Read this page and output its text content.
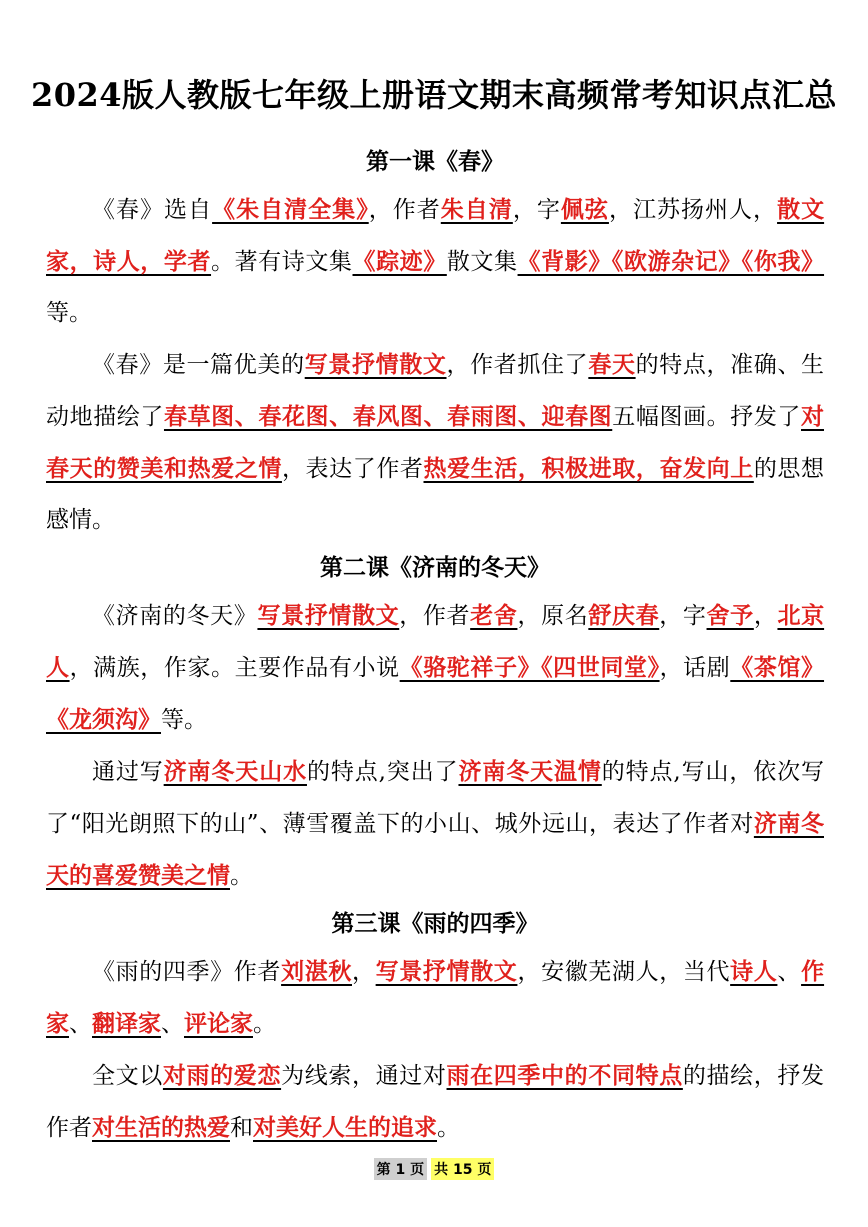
2024版人教版七年级上册语文期末高频常考知识点汇总
第一课《春》

《春》选自《朱自清全集》，作者朱自清，字佩弦，江苏扬州人，散文家，诗人，学者。著有诗文集《踪迹》散文集《背影》《欧游杂记》《你我》等。

《春》是一篇优美的写景抒情散文，作者抓住了春天的特点，准确、生动地描绘了春草图、春花图、春风图、春雨图、迎春图五幅图画。抒发了对春天的赞美和热爱之情，表达了作者热爱生活，积极进取，奋发向上的思想感情。

第二课《济南的冬天》

《济南的冬天》写景抒情散文，作者老舍，原名舒庆春，字舍予，北京人，满族，作家。主要作品有小说《骆驼祥子》《四世同堂》，话剧《茶馆》《龙须沟》等。

通过写济南冬天山水的特点,突出了济南冬天温情的特点,写山，依次写了“阳光朗照下的山”、薄雪覆盖下的小山、城外远山，表达了作者对济南冬天的喜爱赞美之情。

第三课《雨的四季》

《雨的四季》作者刘湛秋，写景抒情散文，安徽芜湖人，当代诗人、作家、翻译家、评论家。

全文以对雨的爱恋为线索，通过对雨在四季中的不同特点的描绘，抒发作者对生活的热爱和对美好人生的追求。

第 1 页 共 15 页
